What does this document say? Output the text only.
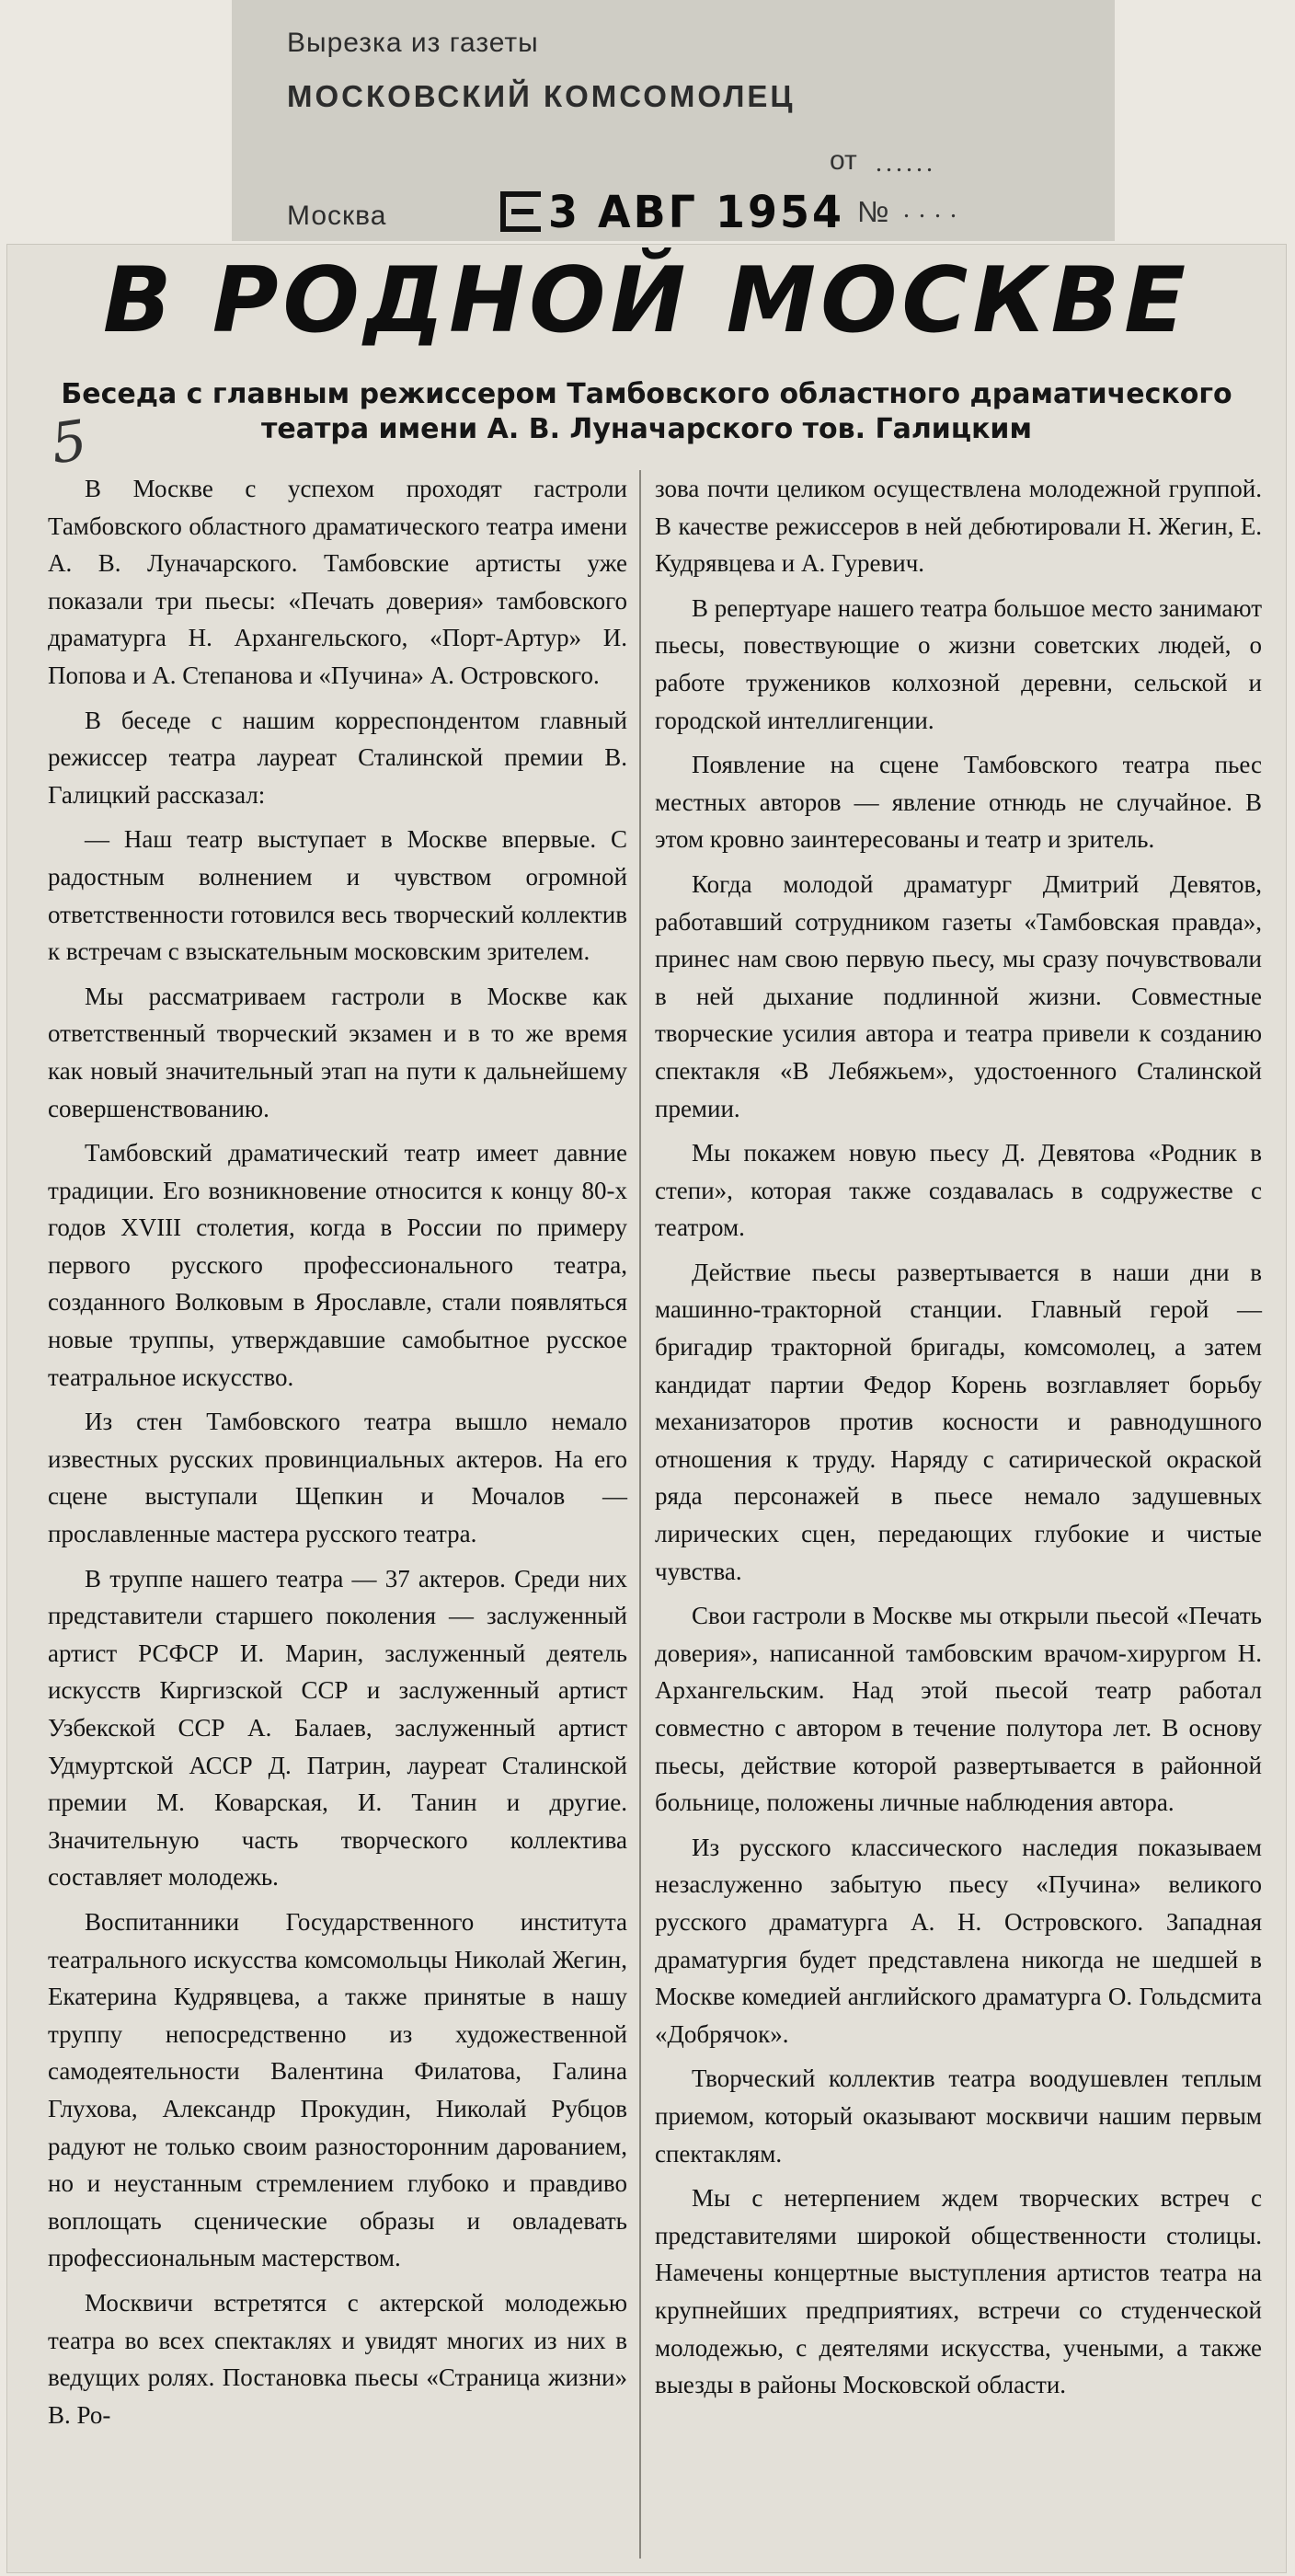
Вырезка из газеты
МОСКОВСКИЙ КОМСОМОЛЕЦ
Москва
от ......
№ ....
3 АВГ 1954
В РОДНОЙ МОСКВЕ
Беседа с главным режиссером Тамбовского областного драматического
театра имени А. В. Луначарского тов. Галицким
5

В Москве с успехом проходят гастроли Тамбовского областного драматического театра имени А. В. Луначарского. Тамбовские артисты уже показали три пьесы: «Печать доверия» тамбовского драматурга Н. Архангельского, «Порт-Артур» И. Попова и А. Степанова и «Пучина» А. Островского.

В беседе с нашим корреспондентом главный режиссер театра лауреат Сталинской премии В. Галицкий рассказал:

— Наш театр выступает в Москве впервые. С радостным волнением и чувством огромной ответственности готовился весь творческий коллектив к встречам с взыскательным московским зрителем.

Мы рассматриваем гастроли в Москве как ответственный творческий экзамен и в то же время как новый значительный этап на пути к дальнейшему совершенствованию.

Тамбовский драматический театр имеет давние традиции. Его возникновение относится к концу 80-х годов XVIII столетия, когда в России по примеру первого русского профессионального театра, созданного Волковым в Ярославле, стали появляться новые труппы, утверждавшие самобытное русское театральное искусство.

Из стен Тамбовского театра вышло немало известных русских провинциальных актеров. На его сцене выступали Щепкин и Мочалов — прославленные мастера русского театра.

В труппе нашего театра — 37 актеров. Среди них представители старшего поколения — заслуженный артист РСФСР И. Марин, заслуженный деятель искусств Киргизской ССР и заслуженный артист Узбекской ССР А. Балаев, заслуженный артист Удмуртской АССР Д. Патрин, лауреат Сталинской премии М. Коварская, И. Танин и другие. Значительную часть творческого коллектива составляет молодежь.

Воспитанники Государственного института театрального искусства комсомольцы Николай Жегин, Екатерина Кудрявцева, а также принятые в нашу труппу непосредственно из художественной самодеятельности Валентина Филатова, Галина Глухова, Александр Прокудин, Николай Рубцов радуют не только своим разносторонним дарованием, но и неустанным стремлением глубоко и правдиво воплощать сценические образы и овладевать профессиональным мастерством.

Москвичи встретятся с актерской молодежью театра во всех спектаклях и увидят многих из них в ведущих ролях. Постановка пьесы «Страница жизни» В. Ро-

зова почти целиком осуществлена молодежной группой. В качестве режиссеров в ней дебютировали Н. Жегин, Е. Кудрявцева и А. Гуревич.

В репертуаре нашего театра большое место занимают пьесы, повествующие о жизни советских людей, о работе тружеников колхозной деревни, сельской и городской интеллигенции.

Появление на сцене Тамбовского театра пьес местных авторов — явление отнюдь не случайное. В этом кровно заинтересованы и театр и зритель.

Когда молодой драматург Дмитрий Девятов, работавший сотрудником газеты «Тамбовская правда», принес нам свою первую пьесу, мы сразу почувствовали в ней дыхание подлинной жизни. Совместные творческие усилия автора и театра привели к созданию спектакля «В Лебяжьем», удостоенного Сталинской премии.

Мы покажем новую пьесу Д. Девятова «Родник в степи», которая также создавалась в содружестве с театром.

Действие пьесы развертывается в наши дни в машинно-тракторной станции. Главный герой — бригадир тракторной бригады, комсомолец, а затем кандидат партии Федор Корень возглавляет борьбу механизаторов против косности и равнодушного отношения к труду. Наряду с сатирической окраской ряда персонажей в пьесе немало задушевных лирических сцен, передающих глубокие и чистые чувства.

Свои гастроли в Москве мы открыли пьесой «Печать доверия», написанной тамбовским врачом-хирургом Н. Архангельским. Над этой пьесой театр работал совместно с автором в течение полутора лет. В основу пьесы, действие которой развертывается в районной больнице, положены личные наблюдения автора.

Из русского классического наследия показываем незаслуженно забытую пьесу «Пучина» великого русского драматурга А. Н. Островского. Западная драматургия будет представлена никогда не шедшей в Москве комедией английского драматурга О. Гольдсмита «Добрячок».

Творческий коллектив театра воодушевлен теплым приемом, который оказывают москвичи нашим первым спектаклям.

Мы с нетерпением ждем творческих встреч с представителями широкой общественности столицы. Намечены концертные выступления артистов театра на крупнейших предприятиях, встречи со студенческой молодежью, с деятелями искусства, учеными, а также выезды в районы Московской области.
